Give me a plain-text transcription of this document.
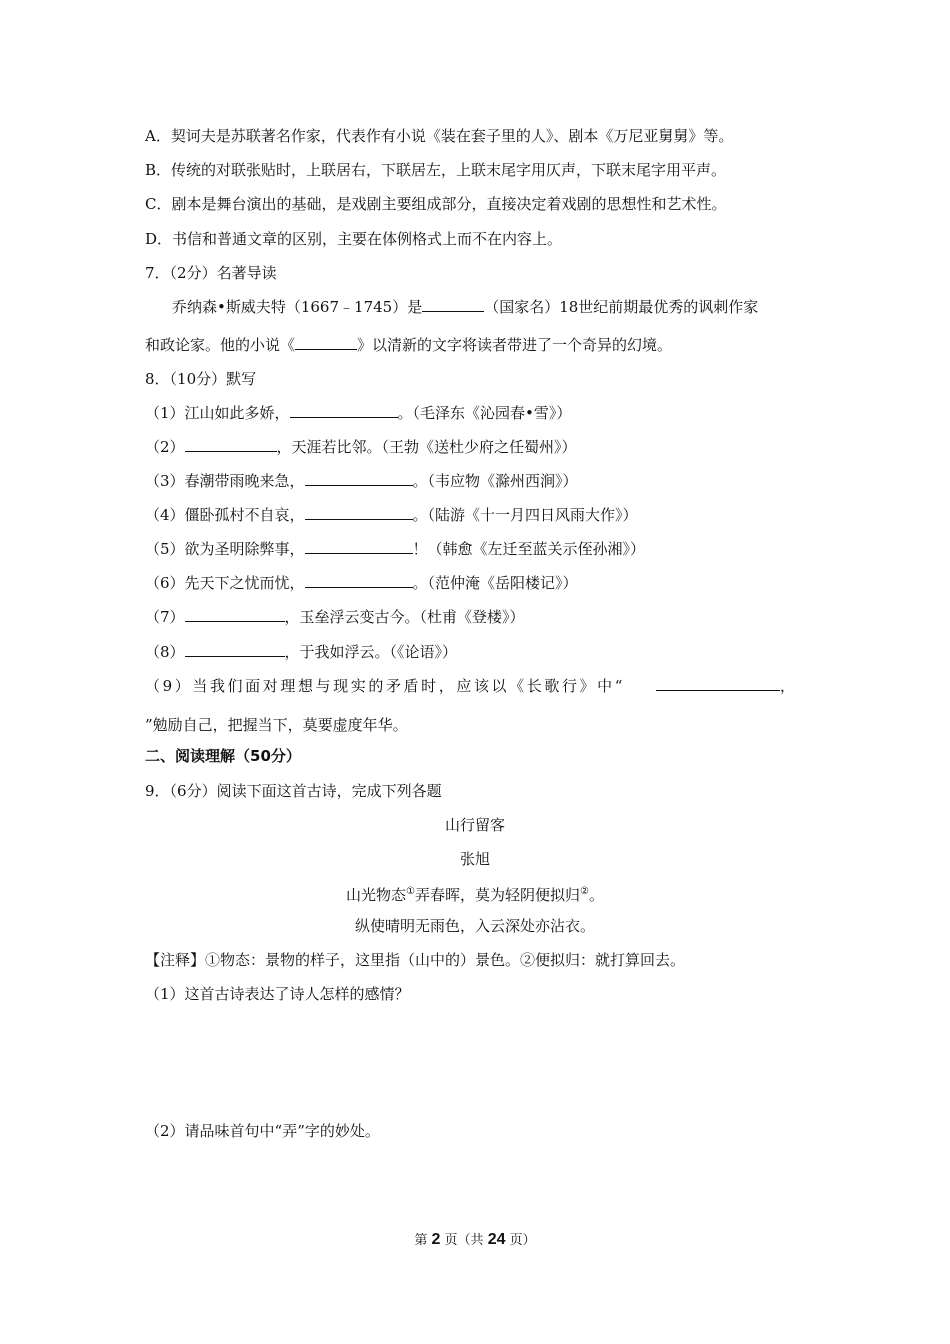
A．契诃夫是苏联著名作家，代表作有小说《装在套子里的人》、剧本《万尼亚舅舅》等。
B．传统的对联张贴时，上联居右，下联居左，上联末尾字用仄声，下联末尾字用平声。
C．剧本是舞台演出的基础，是戏剧主要组成部分，直接决定着戏剧的思想性和艺术性。
D．书信和普通文章的区别，主要在体例格式上而不在内容上。
7．（2分）名著导读
乔纳森•斯威夫特（1667﹣1745）是	（国家名）18世纪前期最优秀的讽刺作家
和政论家。他的小说《	》以清新的文字将读者带进了一个奇异的幻境。
8．（10分）默写
（1）江山如此多娇，	。（毛泽东《沁园春•雪》）
（2）	，天涯若比邻。（王勃《送杜少府之任蜀州》）
（3）春潮带雨晚来急，	。（韦应物《滁州西涧》）
（4）僵卧孤村不自哀，	。（陆游《十一月四日风雨大作》）
（5）欲为圣明除弊事，	！（韩愈《左迁至蓝关示侄孙湘》）
（6）先天下之忧而忧，	。（范仲淹《岳阳楼记》）
（7）	，玉垒浮云变古今。（杜甫《登楼》）
（8）	，于我如浮云。（《论语》）
（9）当我们面对理想与现实的矛盾时，应该以《长歌行》中“	，
”勉励自己，把握当下，莫要虚度年华。
二、阅读理解（50分）
9．（6分）阅读下面这首古诗，完成下列各题
山行留客
张旭
山光物态①弄春晖，莫为轻阴便拟归②。
纵使晴明无雨色，入云深处亦沾衣。
【注释】①物态：景物的样子，这里指（山中的）景色。②便拟归：就打算回去。
（1）这首古诗表达了诗人怎样的感情？
（2）请品味首句中“弄”字的妙处。
第 2 页（共 24 页）
